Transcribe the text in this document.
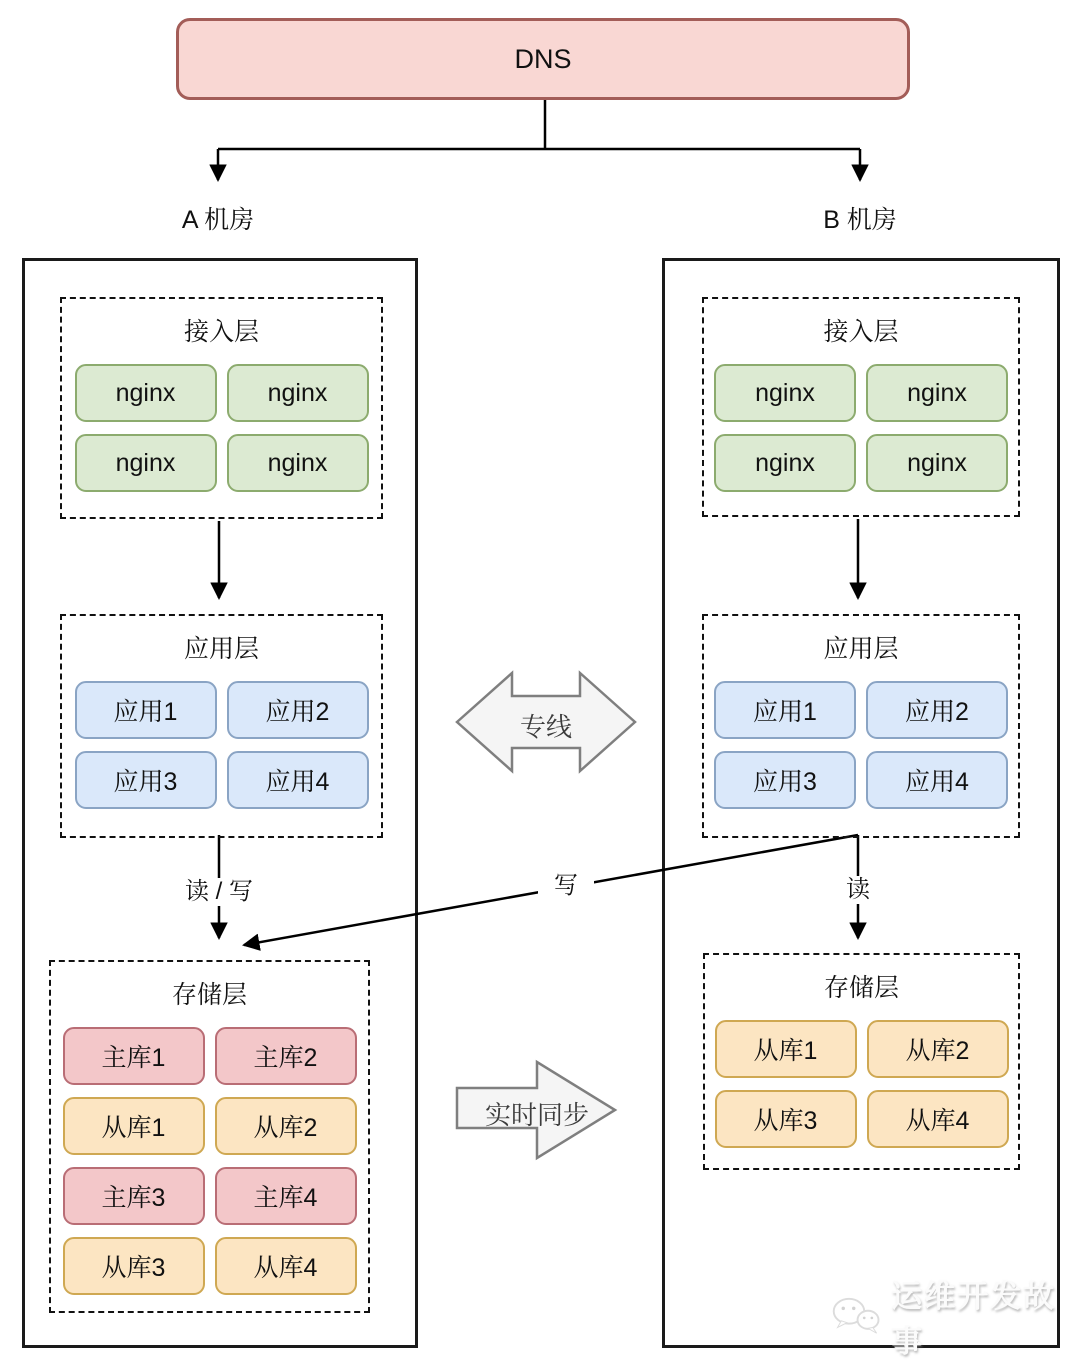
DNS
A 机房	B 机房
接入层
nginx	nginx
nginx	nginx
应用层
应用1	应用2
应用3	应用4
存储层
主库1	主库2
从库1	从库2
主库3	主库4
从库3	从库4
接入层
nginx	nginx
nginx	nginx
应用层
应用1	应用2
应用3	应用4
存储层
从库1	从库2
从库3	从库4
读 / 写	读
写
专线
实时同步
运维开发故事
